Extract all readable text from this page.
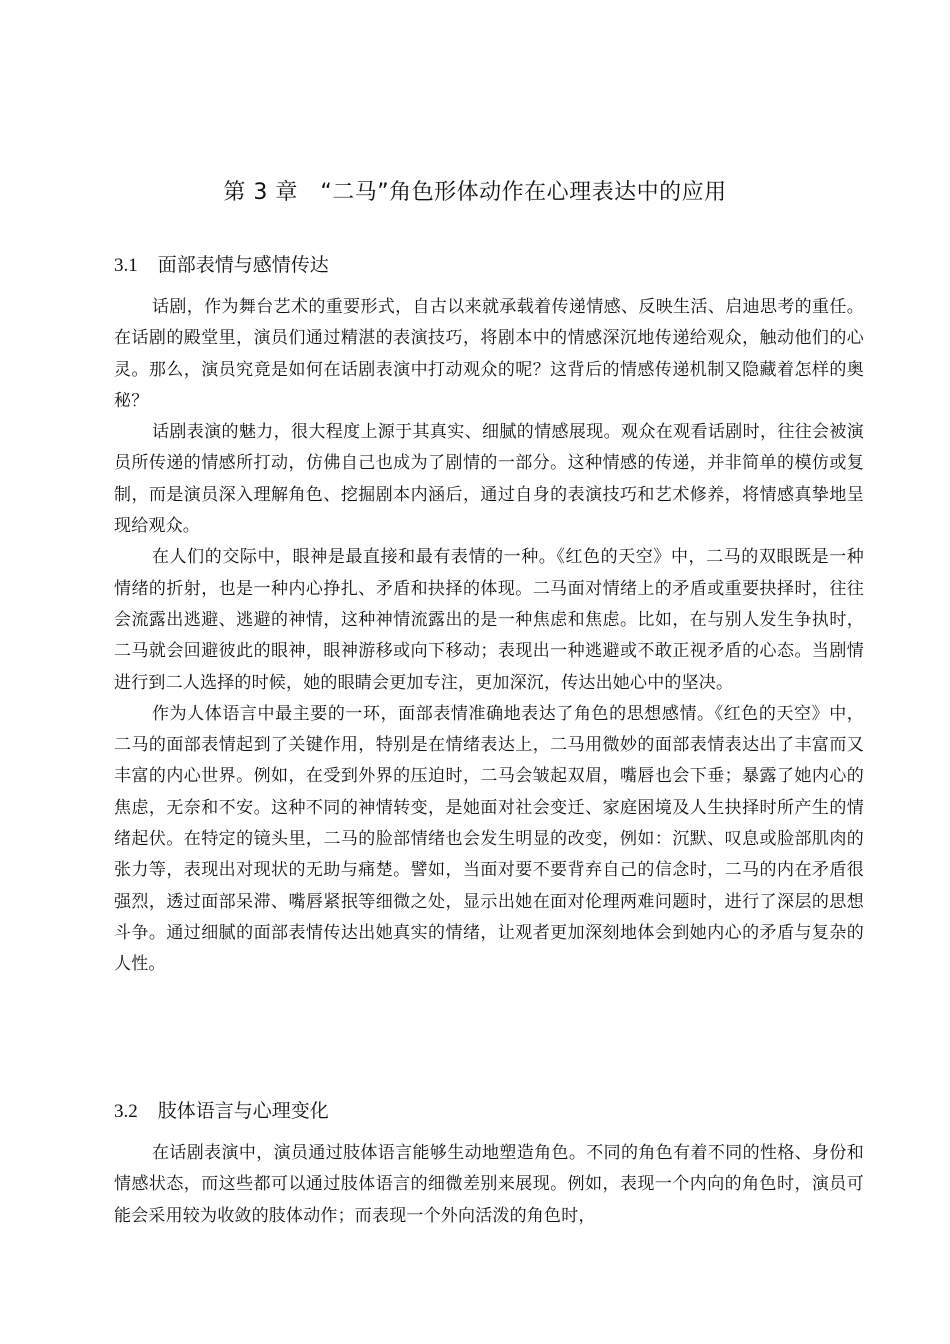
第 3 章　“二马”角色形体动作在心理表达中的应用
3.1 面部表情与感情传达

话剧，作为舞台艺术的重要形式，自古以来就承载着传递情感、反映生活、启迪思考的重任。在话剧的殿堂里，演员们通过精湛的表演技巧，将剧本中的情感深沉地传递给观众，触动他们的心灵。那么，演员究竟是如何在话剧表演中打动观众的呢？这背后的情感传递机制又隐藏着怎样的奥秘？

话剧表演的魅力，很大程度上源于其真实、细腻的情感展现。观众在观看话剧时，往往会被演员所传递的情感所打动，仿佛自己也成为了剧情的一部分。这种情感的传递，并非简单的模仿或复制，而是演员深入理解角色、挖掘剧本内涵后，通过自身的表演技巧和艺术修养，将情感真挚地呈现给观众。

在人们的交际中，眼神是最直接和最有表情的一种。《红色的天空》中，二马的双眼既是一种情绪的折射，也是一种内心挣扎、矛盾和抉择的体现。二马面对情绪上的矛盾或重要抉择时，往往会流露出逃避、逃避的神情，这种神情流露出的是一种焦虑和焦虑。比如，在与别人发生争执时，二马就会回避彼此的眼神，眼神游移或向下移动；表现出一种逃避或不敢正视矛盾的心态。当剧情进行到二人选择的时候，她的眼睛会更加专注，更加深沉，传达出她心中的坚决。

作为人体语言中最主要的一环，面部表情准确地表达了角色的思想感情。《红色的天空》中，二马的面部表情起到了关键作用，特别是在情绪表达上，二马用微妙的面部表情表达出了丰富而又丰富的内心世界。例如，在受到外界的压迫时，二马会皱起双眉，嘴唇也会下垂；暴露了她内心的焦虑，无奈和不安。这种不同的神情转变，是她面对社会变迁、家庭困境及人生抉择时所产生的情绪起伏。在特定的镜头里，二马的脸部情绪也会发生明显的改变，例如：沉默、叹息或脸部肌肉的张力等，表现出对现状的无助与痛楚。譬如，当面对要不要背弃自己的信念时，二马的内在矛盾很强烈，透过面部呆滞、嘴唇紧抿等细微之处，显示出她在面对伦理两难问题时，进行了深层的思想斗争。通过细腻的面部表情传达出她真实的情绪，让观者更加深刻地体会到她内心的矛盾与复杂的人性。

3.2 肢体语言与心理变化

在话剧表演中，演员通过肢体语言能够生动地塑造角色。不同的角色有着不同的性格、身份和情感状态，而这些都可以通过肢体语言的细微差别来展现。例如，表现一个内向的角色时，演员可能会采用较为收敛的肢体动作；而表现一个外向活泼的角色时，
